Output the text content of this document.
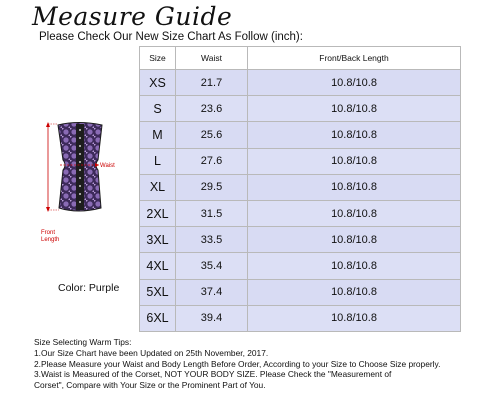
Measure Guide

Please Check Our New Size Chart As Follow (inch):

Waist
Front
Length
Color: Purple
Size	Waist	Front/Back Length
XS	21.7	10.8/10.8
S	23.6	10.8/10.8
M	25.6	10.8/10.8
L	27.6	10.8/10.8
XL	29.5	10.8/10.8
2XL	31.5	10.8/10.8
3XL	33.5	10.8/10.8
4XL	35.4	10.8/10.8
5XL	37.4	10.8/10.8
6XL	39.4	10.8/10.8

Size Selecting Warm Tips:

1.Our Size Chart have been Updated on 25th November, 2017.

2.Please Measure your Waist and Body Length Before Order, According to your Size to Choose Size properly.

3.Waist is Measured of the Corset, NOT YOUR BODY SIZE. Please Check the "Measurement of

Corset", Compare with Your Size or the Prominent Part of You.
